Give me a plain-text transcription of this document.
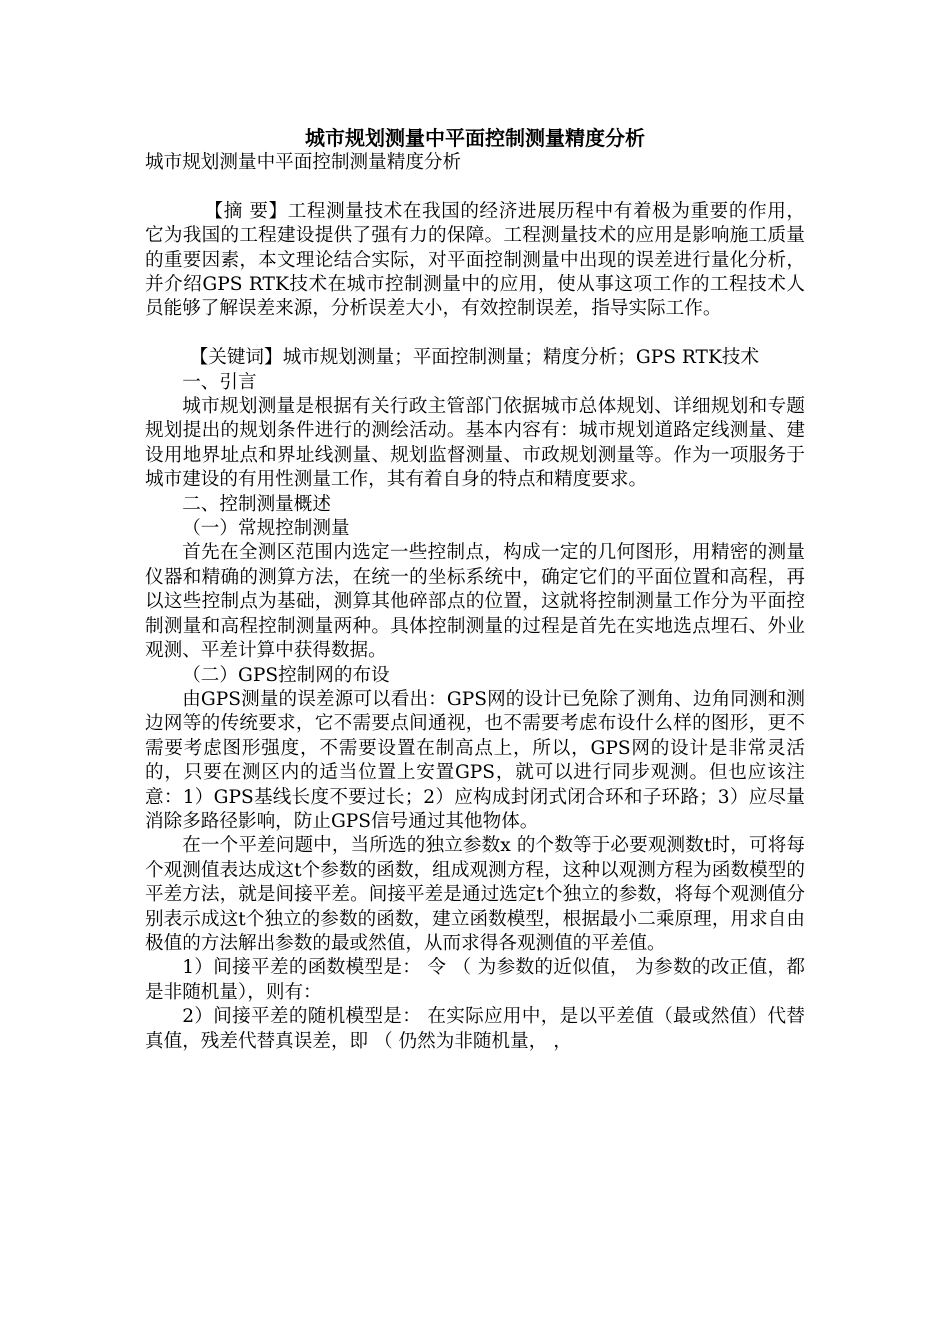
城市规划测量中平面控制测量精度分析

城市规划测量中平面控制测量精度分析

【摘 要】工程测量技术在我国的经济进展历程中有着极为重要的作用，它为我国的工程建设提供了强有力的保障。工程测量技术的应用是影响施工质量的重要因素，本文理论结合实际，对平面控制测量中出现的误差进行量化分析，并介绍GPS RTK技术在城市控制测量中的应用，使从事这项工作的工程技术人员能够了解误差来源，分析误差大小，有效控制误差，指导实际工作。

【关键词】城市规划测量；平面控制测量；精度分析；GPS RTK技术

一、引言

城市规划测量是根据有关行政主管部门依据城市总体规划、详细规划和专题规划提出的规划条件进行的测绘活动。基本内容有：城市规划道路定线测量、建设用地界址点和界址线测量、规划监督测量、市政规划测量等。作为一项服务于城市建设的有用性测量工作，其有着自身的特点和精度要求。

二、控制测量概述

（一）常规控制测量

首先在全测区范围内选定一些控制点，构成一定的几何图形，用精密的测量仪器和精确的测算方法，在统一的坐标系统中，确定它们的平面位置和高程，再以这些控制点为基础，测算其他碎部点的位置，这就将控制测量工作分为平面控制测量和高程控制测量两种。具体控制测量的过程是首先在实地选点埋石、外业观测、平差计算中获得数据。

（二）GPS控制网的布设

由GPS测量的误差源可以看出：GPS网的设计已免除了测角、边角同测和测边网等的传统要求，它不需要点间通视，也不需要考虑布设什么样的图形，更不需要考虑图形强度，不需要设置在制高点上，所以，GPS网的设计是非常灵活的，只要在测区内的适当位置上安置GPS，就可以进行同步观测。但也应该注意：1）GPS基线长度不要过长；2）应构成封闭式闭合环和子环路；3）应尽量消除多路径影响，防止GPS信号通过其他物体。

在一个平差问题中，当所选的独立参数x 的个数等于必要观测数t时，可将每个观测值表达成这t个参数的函数，组成观测方程，这种以观测方程为函数模型的平差方法，就是间接平差。间接平差是通过选定t个独立的参数，将每个观测值分别表示成这t个独立的参数的函数，建立函数模型，根据最小二乘原理，用求自由极值的方法解出参数的最或然值，从而求得各观测值的平差值。

1）间接平差的函数模型是： 令 （ 为参数的近似值， 为参数的改正值，都是非随机量），则有：

2）间接平差的随机模型是： 在实际应用中，是以平差值（最或然值）代替真值，残差代替真误差，即 （ 仍然为非随机量， ，
